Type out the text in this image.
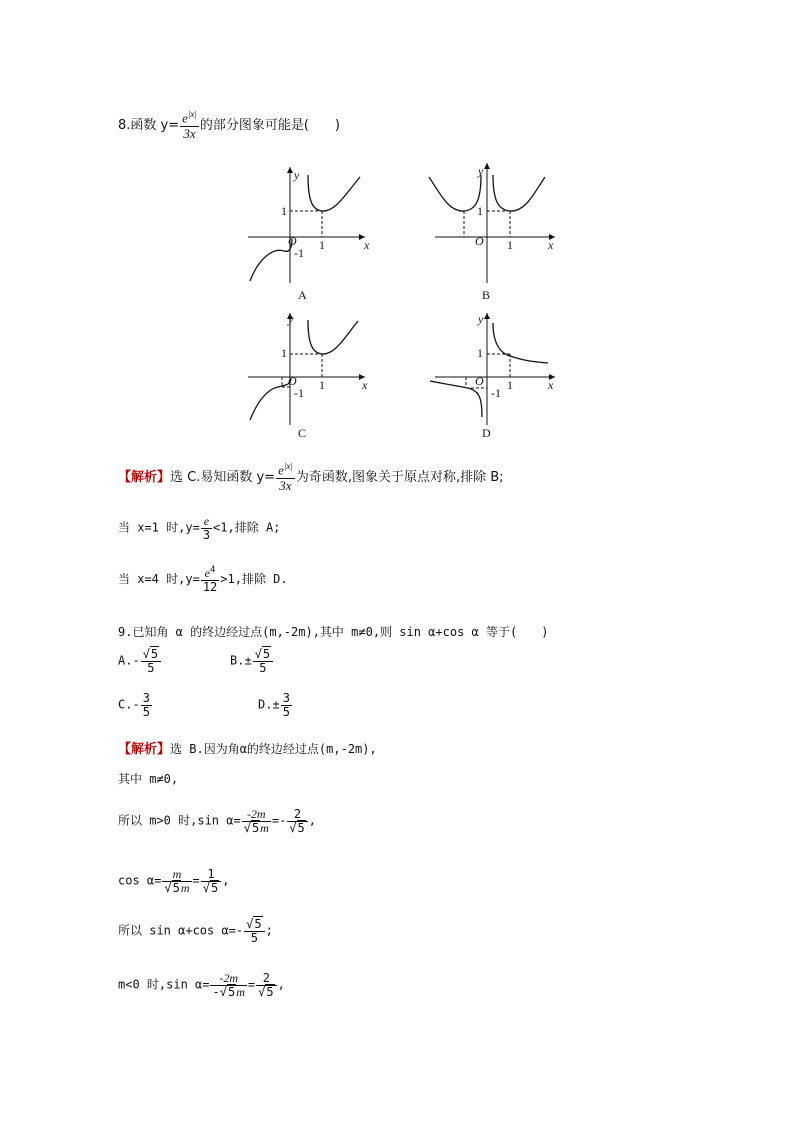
8.函数 $y= \frac{e^{|x|}}{3x}$ 的部分图象可能是(　　)
y
x
O
1
1
-1
A
y
x
O
1
1
B
y
x
O
1
1
-1
C
y
x
O
1
1
-1
D
【解析】选 C.易知函数 $y= \frac{e^{|x|}}{3x}$ 为奇函数,图象关于原点对称,排除 B;
当 x=1 时$,y= \frac{e}{3} <1$,排除 A;
当 x=4 时$,y= \frac{e^4}{12} >1$,排除 D.
9.已知角 α 的终边经过点(m,-2m),其中 m≠0,则 sin α+cos α 等于(　　)
$A.- \frac{√5}{5}$	$B.\pm \frac{√5}{5}$
$C.- \frac{3}{5}$	$D.\pm \frac{3}{5}$
【解析】选 B.因为角α的终边经过点(m,-2m),
其中 m≠0,
所以 m>0 时,sin $\alpha= \frac{-2m}{√5m} =- \frac{2}{√5}$ ,
$\cos \alpha= \frac{m}{√5m} = \frac{1}{√5}$ ,
所以 sin α+cos $\alpha=- \frac{√5}{5}$ ;
m<0 时,sin $\alpha= \frac{-2m}{-√5m} = \frac{2}{√5}$ ,
